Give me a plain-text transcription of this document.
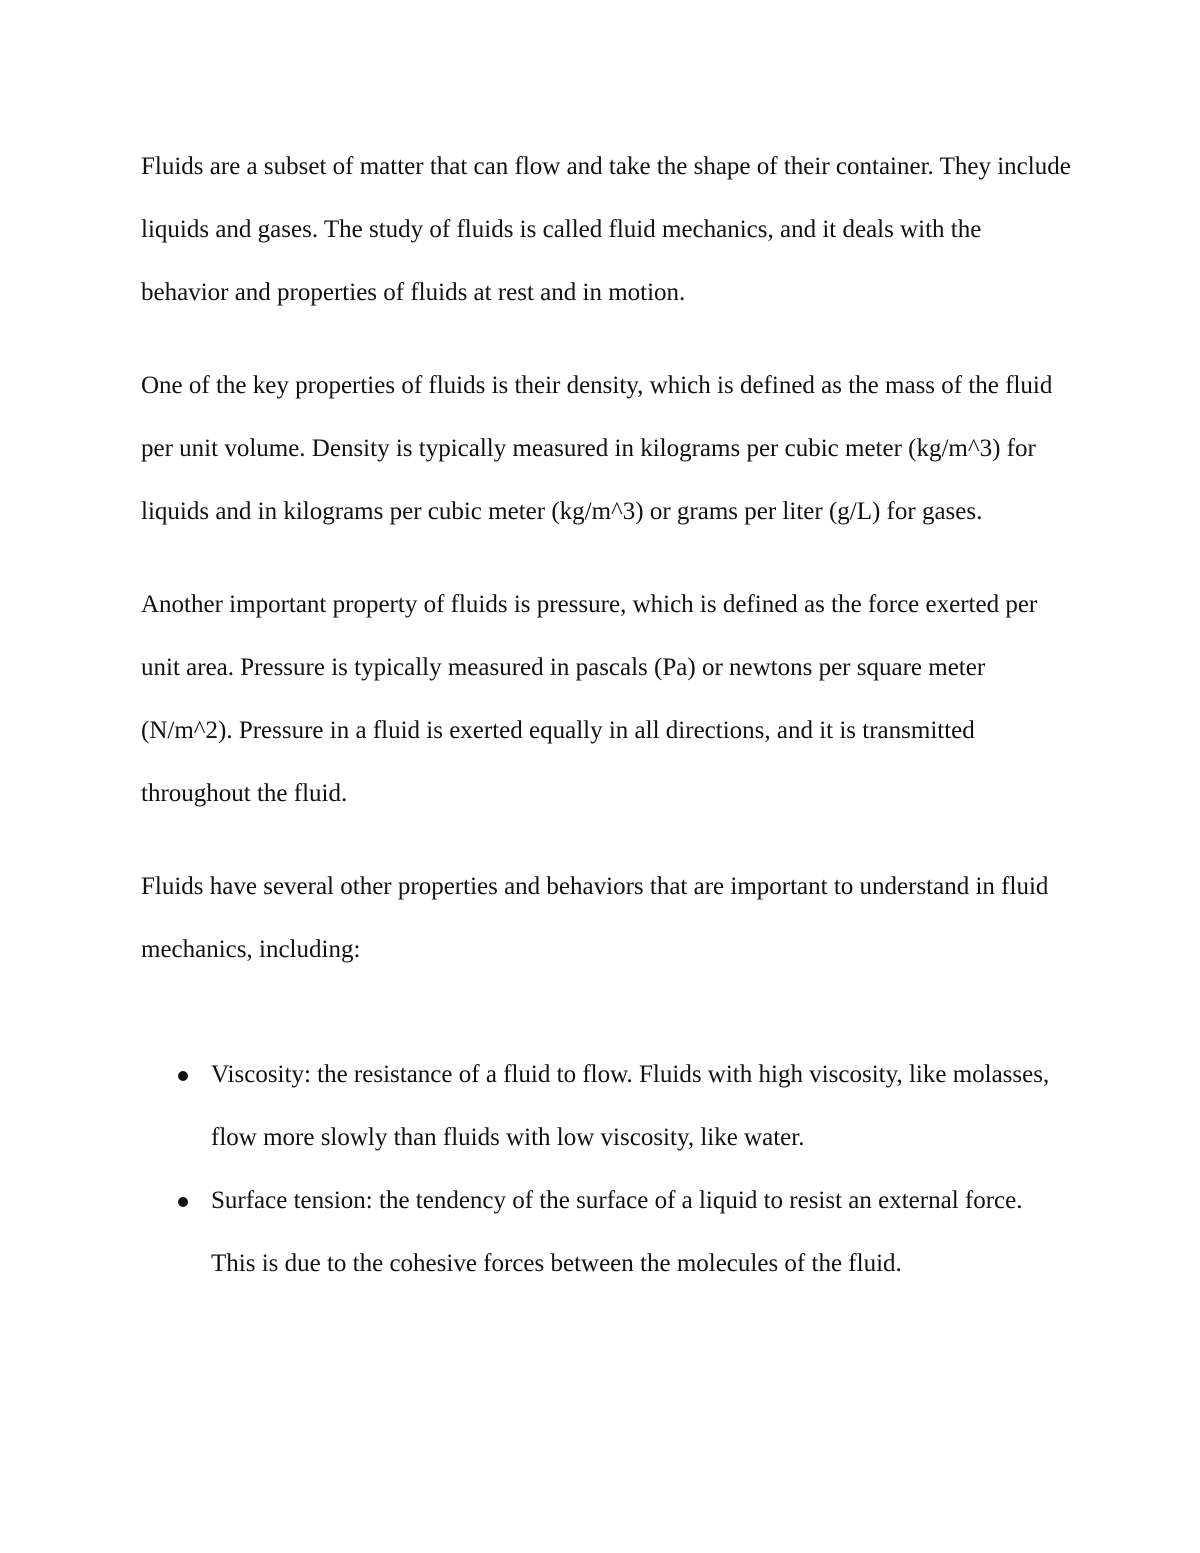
Fluids are a subset of matter that can flow and take the shape of their container. They include liquids and gases. The study of fluids is called fluid mechanics, and it deals with the behavior and properties of fluids at rest and in motion.

One of the key properties of fluids is their density, which is defined as the mass of the fluid per unit volume. Density is typically measured in kilograms per cubic meter (kg/m^3) for liquids and in kilograms per cubic meter (kg/m^3) or grams per liter (g/L) for gases.

Another important property of fluids is pressure, which is defined as the force exerted per unit area. Pressure is typically measured in pascals (Pa) or newtons per square meter (N/m^2). Pressure in a fluid is exerted equally in all directions, and it is transmitted throughout the fluid.

Fluids have several other properties and behaviors that are important to understand in fluid mechanics, including:

Viscosity: the resistance of a fluid to flow. Fluids with high viscosity, like molasses, flow more slowly than fluids with low viscosity, like water.
Surface tension: the tendency of the surface of a liquid to resist an external force. This is due to the cohesive forces between the molecules of the fluid.
